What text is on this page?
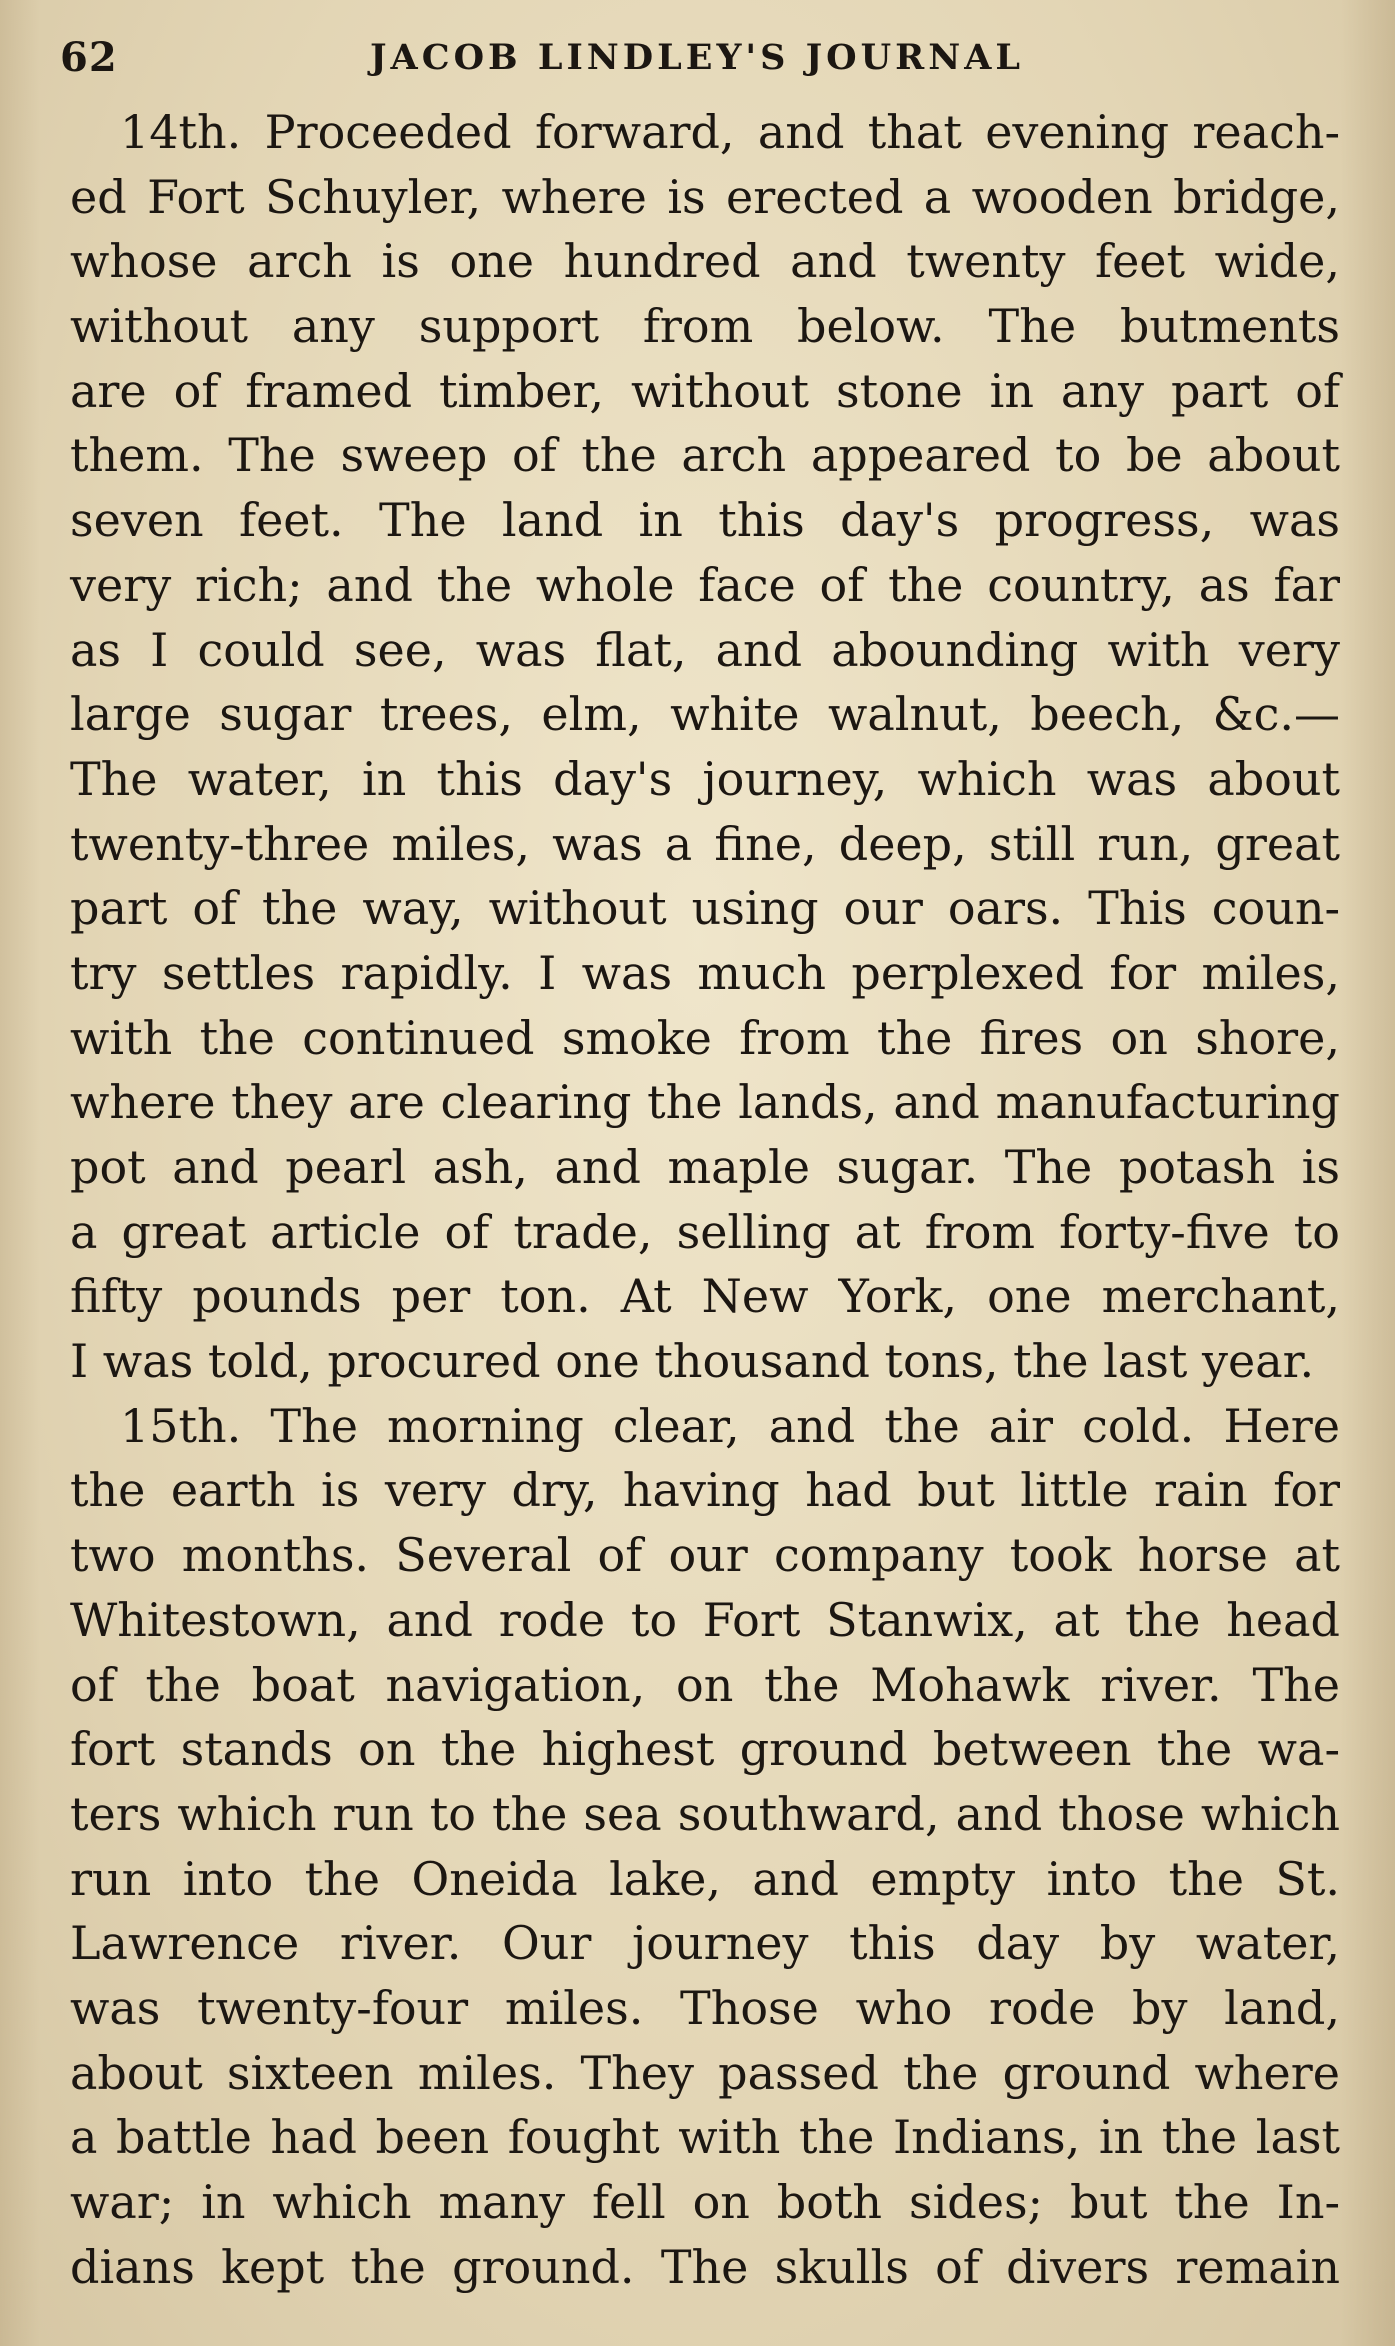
62	JACOB LINDLEY'S JOURNAL
14th. Proceeded forward, and that evening reach-
ed Fort Schuyler, where is erected a wooden bridge,
whose arch is one hundred and twenty feet wide,
without any support from below. The butments
are of framed timber, without stone in any part of
them. The sweep of the arch appeared to be about
seven feet. The land in this day's progress, was
very rich; and the whole face of the country, as far
as I could see, was flat, and abounding with very
large sugar trees, elm, white walnut, beech, &c.—
The water, in this day's journey, which was about
twenty-three miles, was a fine, deep, still run, great
part of the way, without using our oars. This coun-
try settles rapidly. I was much perplexed for miles,
with the continued smoke from the fires on shore,
where they are clearing the lands, and manufacturing
pot and pearl ash, and maple sugar. The potash is
a great article of trade, selling at from forty-five to
fifty pounds per ton. At New York, one merchant,
I was told, procured one thousand tons, the last year.
15th. The morning clear, and the air cold. Here
the earth is very dry, having had but little rain for
two months. Several of our company took horse at
Whitestown, and rode to Fort Stanwix, at the head
of the boat navigation, on the Mohawk river. The
fort stands on the highest ground between the wa-
ters which run to the sea southward, and those which
run into the Oneida lake, and empty into the St.
Lawrence river. Our journey this day by water,
was twenty-four miles. Those who rode by land,
about sixteen miles. They passed the ground where
a battle had been fought with the Indians, in the last
war; in which many fell on both sides; but the In-
dians kept the ground. The skulls of divers remain
